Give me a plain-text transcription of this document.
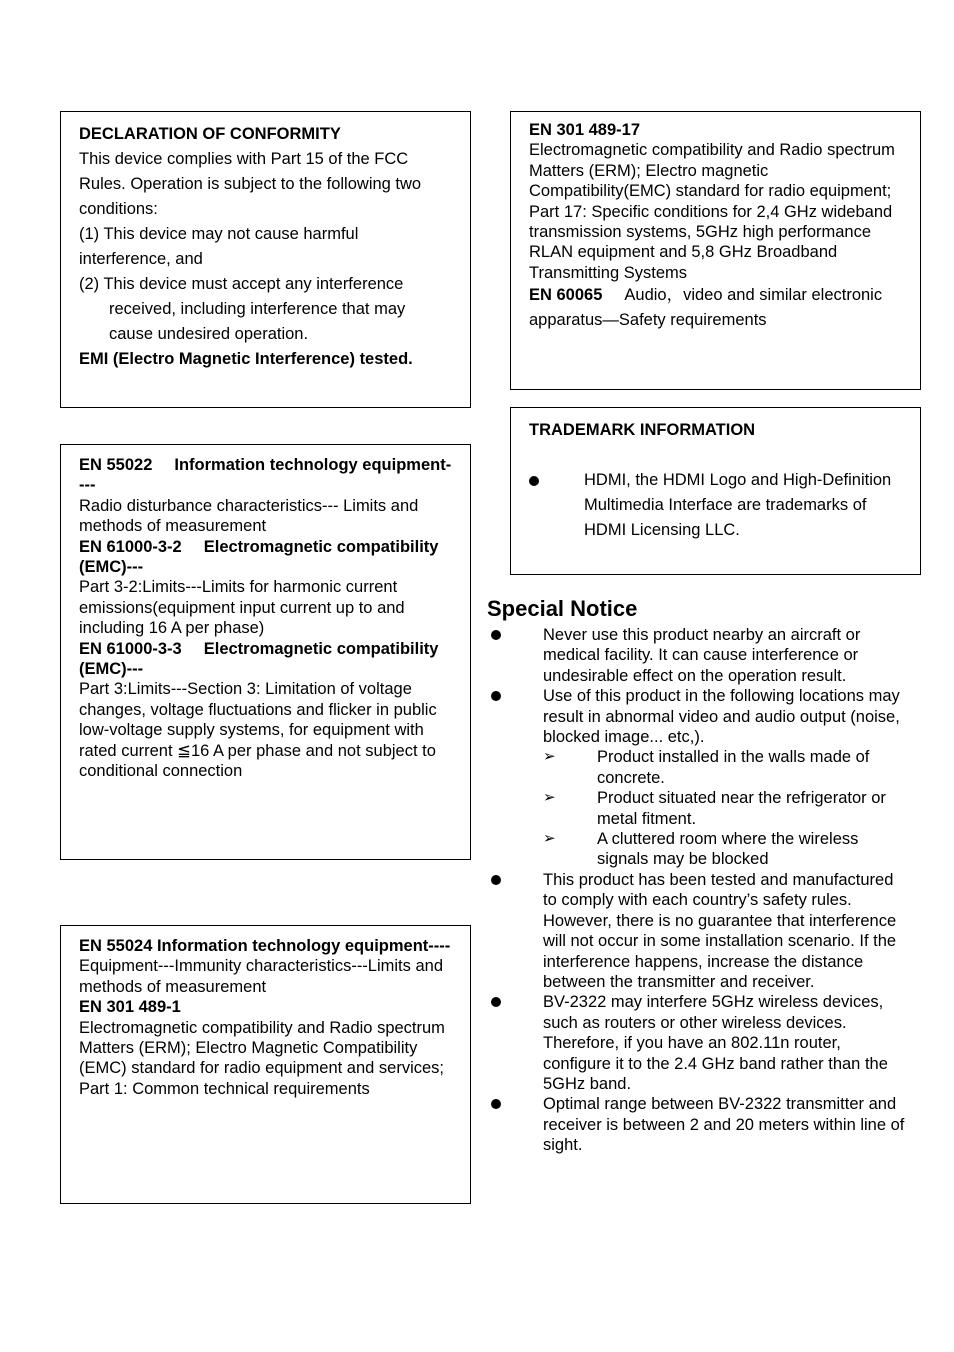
DECLARATION OF CONFORMITY

This device complies with Part 15 of the FCC Rules. Operation is subject to the following two conditions:

(1) This device may not cause harmful interference, and

(2) This device must accept any interference received, including interference that may cause undesired operation.

EMI (Electro Magnetic Interference) tested.

EN 55022 Information technology equipment----

Radio disturbance characteristics--- Limits and methods of measurement

EN 61000-3-2 Electromagnetic compatibility (EMC)---

Part 3-2:Limits---Limits for harmonic current emissions(equipment input current up to and including 16 A per phase)

EN 61000-3-3 Electromagnetic compatibility (EMC)---

Part 3:Limits---Section 3: Limitation of voltage changes, voltage fluctuations and flicker in public low-voltage supply systems, for equipment with rated current ≦16 A per phase and not subject to conditional connection

EN 55024 Information technology equipment----

Equipment---Immunity characteristics---Limits and methods of measurement

EN 301 489-1

Electromagnetic compatibility and Radio spectrum Matters (ERM); Electro Magnetic Compatibility (EMC) standard for radio equipment and services;

Part 1: Common technical requirements

EN 301 489-17

Electromagnetic compatibility and Radio spectrum Matters (ERM); Electro magnetic Compatibility(EMC) standard for radio equipment;

Part 17: Specific conditions for 2,4 GHz wideband transmission systems, 5GHz high performance RLAN equipment and 5,8 GHz Broadband Transmitting Systems

EN 60065 Audio，video and similar electronic apparatus—Safety requirements

TRADEMARK INFORMATION

HDMI, the HDMI Logo and High-Definition Multimedia Interface are trademarks of HDMI Licensing LLC.

Special Notice
Never use this product nearby an aircraft or medical facility. It can cause interference or undesirable effect on the operation result.
Use of this product in the following locations may result in abnormal video and audio output (noise, blocked image... etc,).
➢	Product installed in the walls made of concrete.
➢	Product situated near the refrigerator or metal fitment.
➢	A cluttered room where the wireless signals may be blocked
This product has been tested and manufactured to comply with each country’s safety rules. However, there is no guarantee that interference will not occur in some installation scenario. If the interference happens, increase the distance between the transmitter and receiver.
BV-2322 may interfere 5GHz wireless devices, such as routers or other wireless devices. Therefore, if you have an 802.11n router, configure it to the 2.4 GHz band rather than the 5GHz band.
Optimal range between BV-2322 transmitter and receiver is between 2 and 20 meters within line of sight.
